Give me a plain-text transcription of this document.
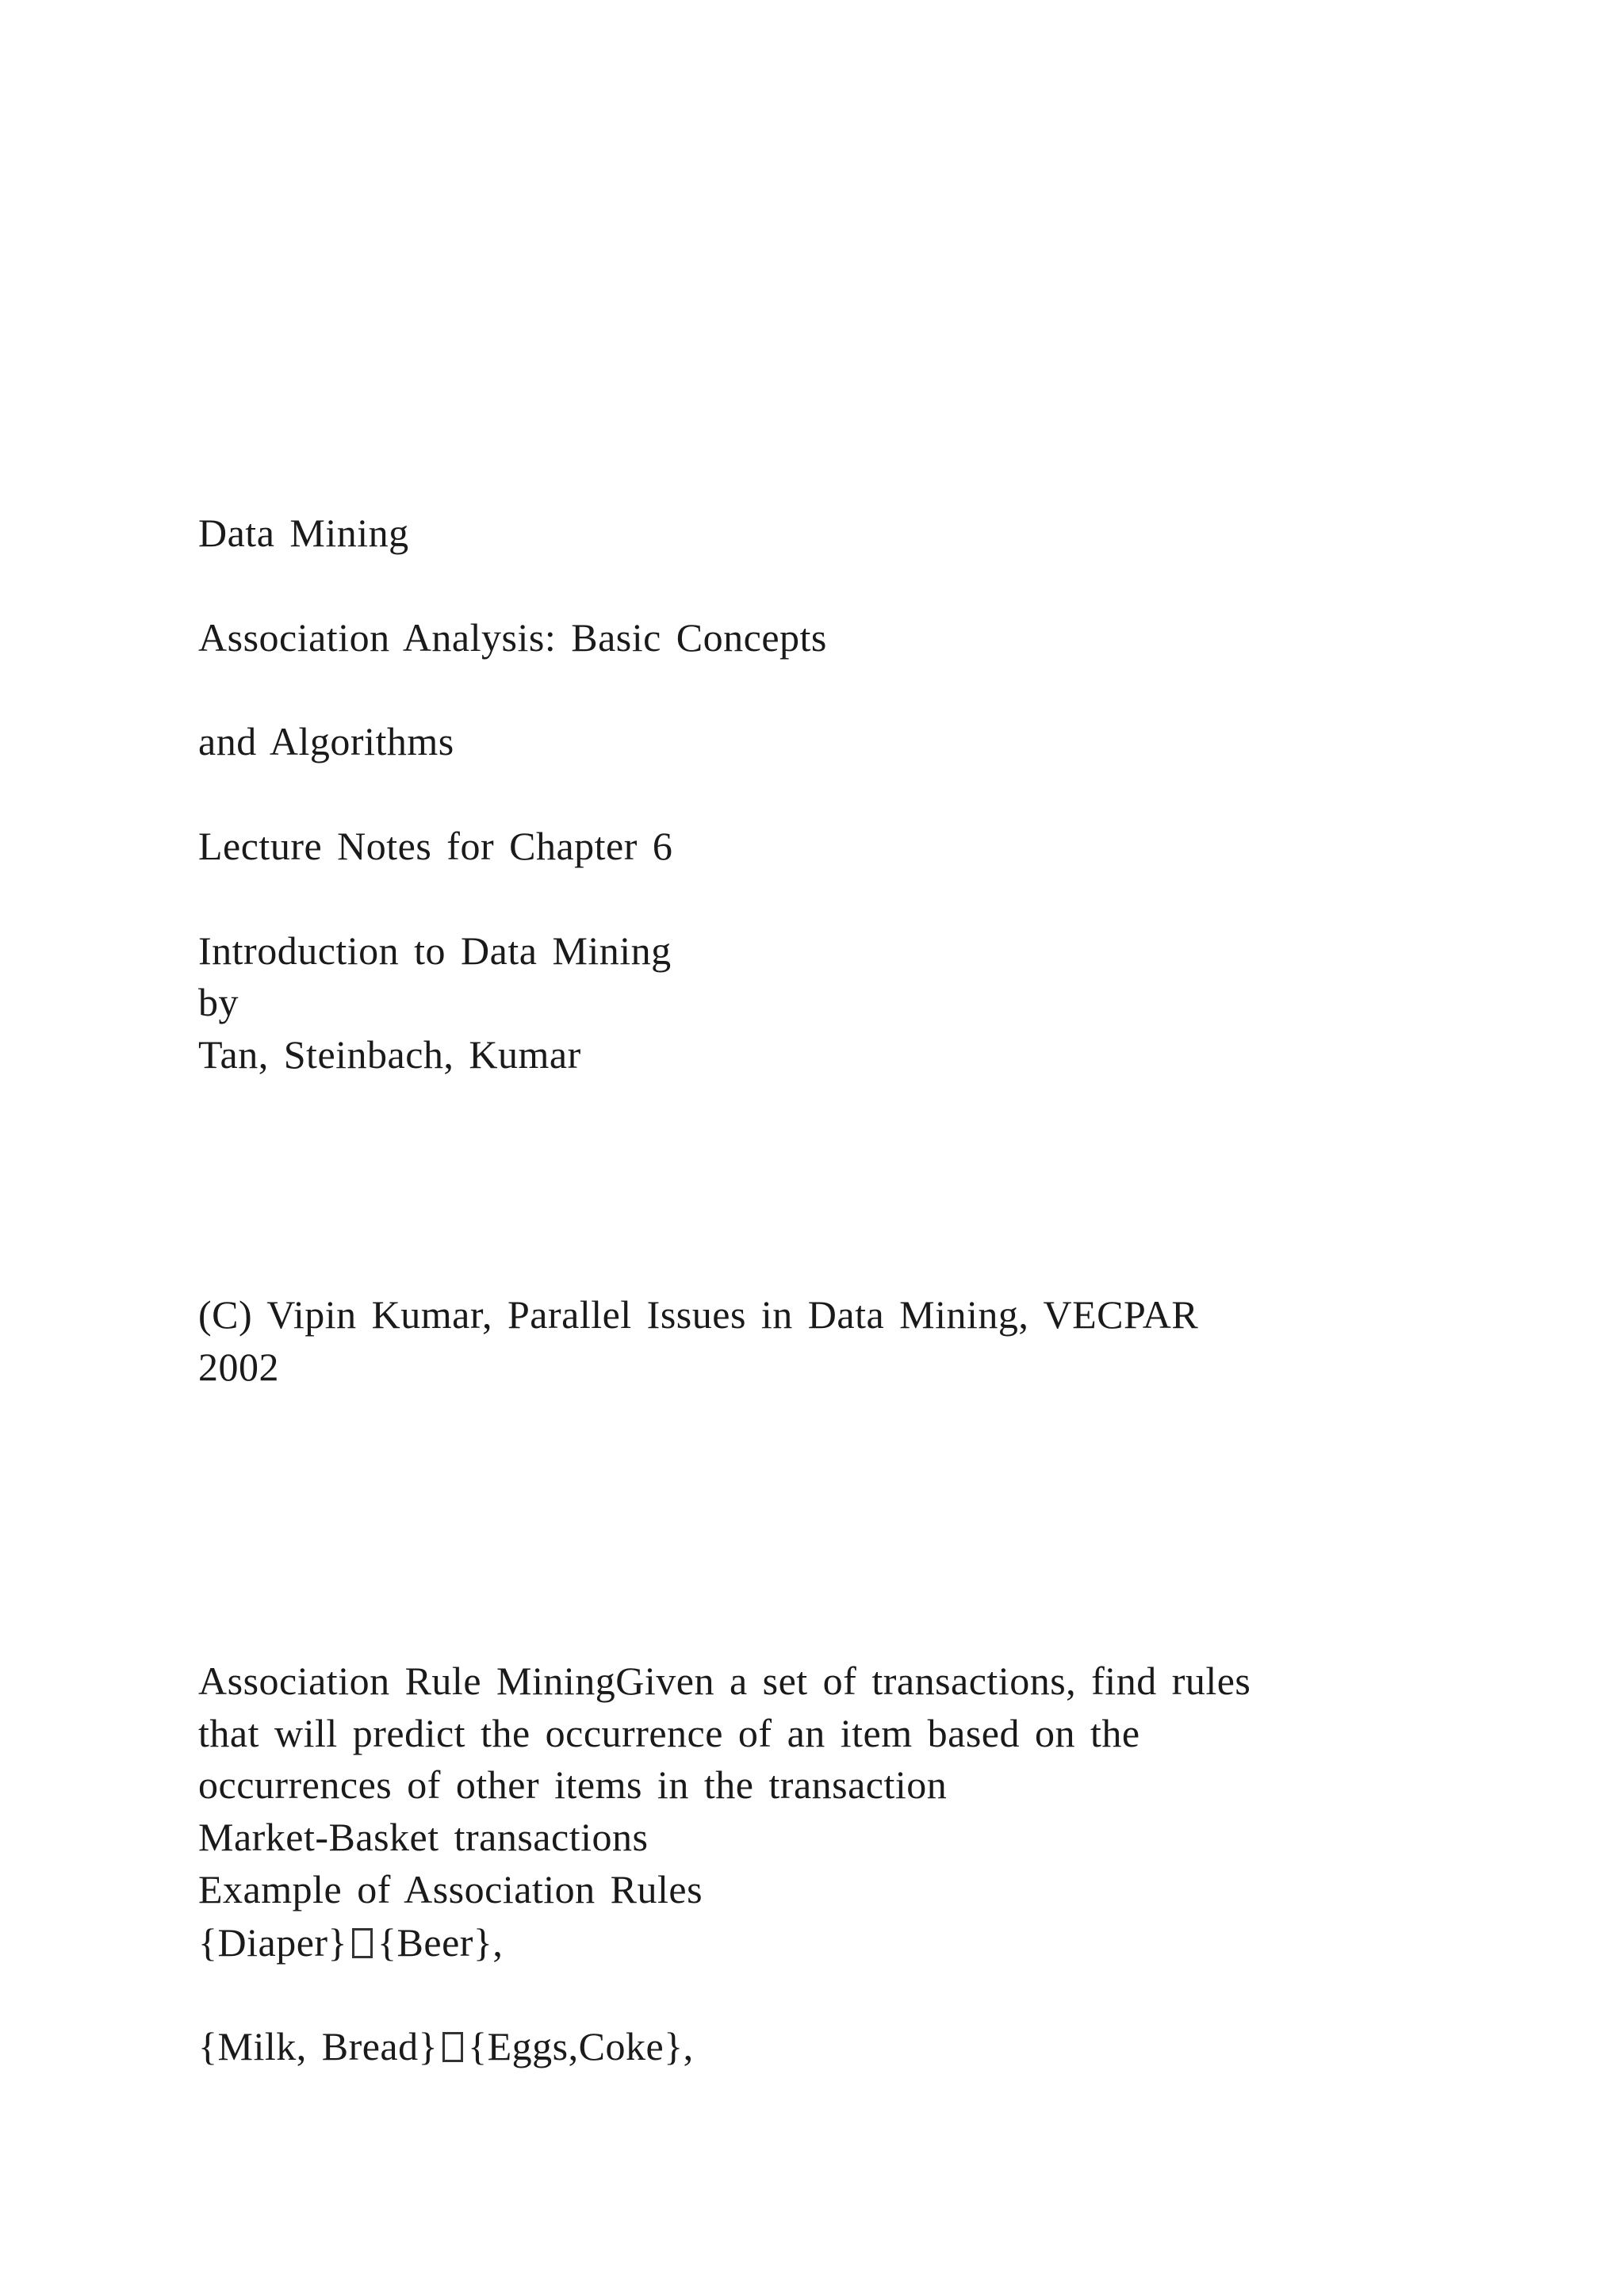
Data Mining
Association Analysis: Basic Concepts
and Algorithms
Lecture Notes for Chapter 6
Introduction to Data Mining
by
Tan, Steinbach, Kumar
(C) Vipin Kumar, Parallel Issues in Data Mining, VECPAR
2002
Association Rule MiningGiven a set of transactions, find rules
that will predict the occurrence of an item based on the
occurrences of other items in the transaction
Market-Basket transactions
Example of Association Rules
{Diaper} {Beer},
{Milk, Bread} {Eggs,Coke},
